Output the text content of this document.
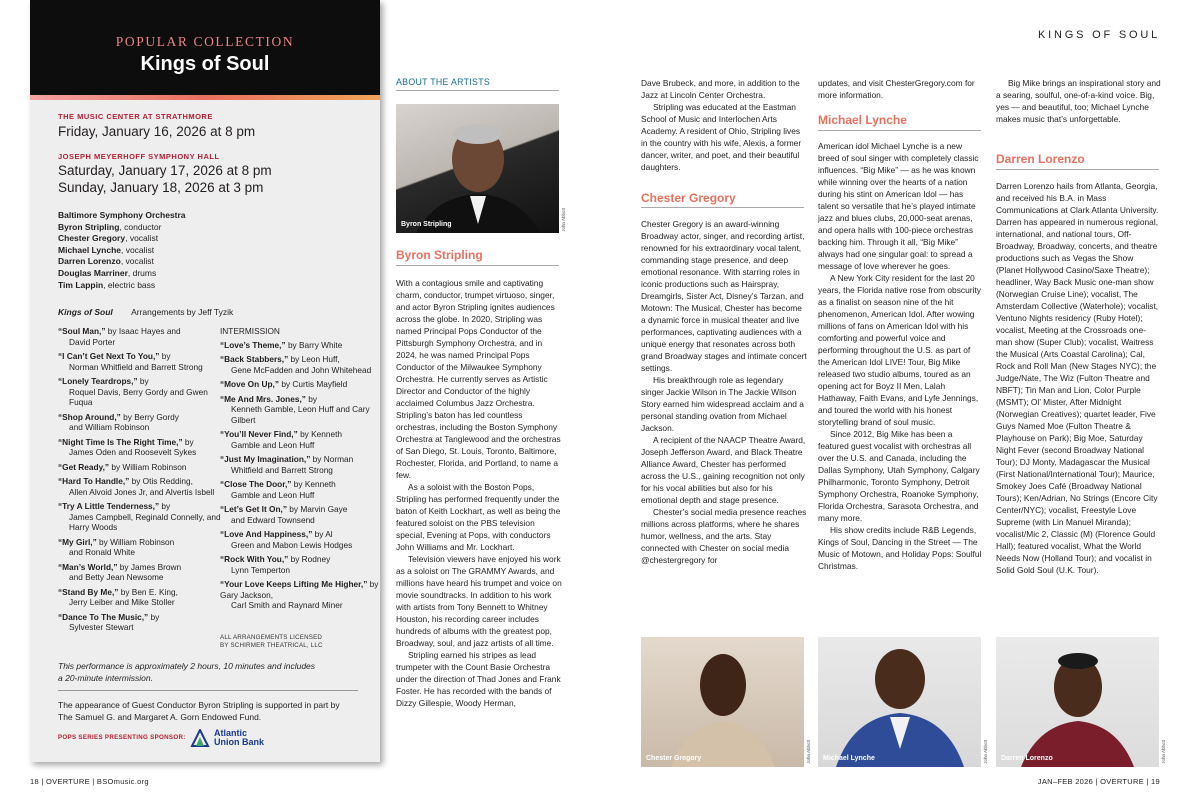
POPULAR COLLECTION
Kings of Soul
THE MUSIC CENTER AT STRATHMORE
Friday, January 16, 2026 at 8 pm
JOSEPH MEYERHOFF SYMPHONY HALL
Saturday, January 17, 2026 at 8 pm
Sunday, January 18, 2026 at 3 pm
Baltimore Symphony Orchestra
Byron Stripling, conductor
Chester Gregory, vocalist
Michael Lynche, vocalist
Darren Lorenzo, vocalist
Douglas Marriner, drums
Tim Lappin, electric bass
Kings of Soul Arrangements by Jeff Tyzik
“Soul Man,” by Isaac Hayes and
David Porter
“I Can’t Get Next To You,” by
Norman Whitfield and Barrett Strong
“Lonely Teardrops,” by
Roquel Davis, Berry Gordy and Gwen Fuqua
“Shop Around,” by Berry Gordy
and William Robinson
“Night Time Is The Right Time,” by
James Oden and Roosevelt Sykes
“Get Ready,” by William Robinson
“Hard To Handle,” by Otis Redding,
Allen Alvoid Jones Jr, and Alvertis Isbell
“Try A Little Tenderness,” by
James Campbell, Reginald Connelly, and Harry Woods
“My Girl,” by William Robinson
and Ronald White
“Man’s World,” by James Brown
and Betty Jean Newsome
“Stand By Me,” by Ben E. King,
Jerry Leiber and Mike Stoller
“Dance To The Music,” by
Sylvester Stewart
INTERMISSION
“Love’s Theme,” by Barry White
“Back Stabbers,” by Leon Huff,
Gene McFadden and John Whitehead
“Move On Up,” by Curtis Mayfield
“Me And Mrs. Jones,” by
Kenneth Gamble, Leon Huff and Cary Gilbert
“You’ll Never Find,” by Kenneth
Gamble and Leon Huff
“Just My Imagination,” by Norman
Whitfield and Barrett Strong
“Close The Door,” by Kenneth
Gamble and Leon Huff
“Let’s Get It On,” by Marvin Gaye
and Edward Townsend
“Love And Happiness,” by Al
Green and Mabon Lewis Hodges
“Rock With You,” by Rodney
Lynn Temperton
“Your Love Keeps Lifting Me Higher,” by Gary Jackson,
Carl Smith and Raynard Miner
ALL ARRANGEMENTS LICENSED
BY SCHIRMER THEATRICAL, LLC
This performance is approximately 2 hours, 10 minutes and includes
a 20-minute intermission.
The appearance of Guest Conductor Byron Stripling is supported in part by
The Samuel G. and Margaret A. Gorn Endowed Fund.
POPS SERIES PRESENTING SPONSOR:	Atlantic
Union Bank
KINGS OF SOUL
ABOUT THE ARTISTS
Byron Stripling	John Abbott
Byron Stripling

With a contagious smile and captivating charm, conductor, trumpet virtuoso, singer, and actor Byron Stripling ignites audiences across the globe. In 2020, Stripling was named Principal Pops Conductor of the Pittsburgh Symphony Orchestra, and in 2024, he was named Principal Pops Conductor of the Milwaukee Symphony Orchestra. He currently serves as Artistic Director and Conductor of the highly acclaimed Columbus Jazz Orchestra. Stripling’s baton has led countless orchestras, including the Boston Symphony Orchestra at Tanglewood and the orchestras of San Diego, St. Louis, Toronto, Baltimore, Rochester, Florida, and Portland, to name a few.

As a soloist with the Boston Pops, Stripling has performed frequently under the baton of Keith Lockhart, as well as being the featured soloist on the PBS television special, Evening at Pops, with conductors John Williams and Mr. Lockhart.

Television viewers have enjoyed his work as a soloist on The GRAMMY Awards, and millions have heard his trumpet and voice on movie soundtracks. In addition to his work with artists from Tony Bennett to Whitney Houston, his recording career includes hundreds of albums with the greatest pop, Broadway, soul, and jazz artists of all time.

Stripling earned his stripes as lead trumpeter with the Count Basie Orchestra under the direction of Thad Jones and Frank Foster. He has recorded with the bands of Dizzy Gillespie, Woody Herman,

Dave Brubeck, and more, in addition to the Jazz at Lincoln Center Orchestra.

Stripling was educated at the Eastman School of Music and Interlochen Arts Academy. A resident of Ohio, Stripling lives in the country with his wife, Alexis, a former dancer, writer, and poet, and their beautiful daughters.

Chester Gregory

Chester Gregory is an award-winning Broadway actor, singer, and recording artist, renowned for his extraordinary vocal talent, commanding stage presence, and deep emotional resonance. With starring roles in iconic productions such as Hairspray, Dreamgirls, Sister Act, Disney’s Tarzan, and Motown: The Musical, Chester has become a dynamic force in musical theater and live performances, captivating audiences with a unique energy that resonates across both grand Broadway stages and intimate concert settings.

His breakthrough role as legendary singer Jackie Wilson in The Jackie Wilson Story earned him widespread acclaim and a personal standing ovation from Michael Jackson.

A recipient of the NAACP Theatre Award, Joseph Jefferson Award, and Black Theatre Alliance Award, Chester has performed across the U.S., gaining recognition not only for his vocal abilities but also for his emotional depth and stage presence.

Chester’s social media presence reaches millions across platforms, where he shares humor, wellness, and the arts. Stay connected with Chester on social media @chestergregory for

Chester Gregory	John Abbott
updates, and visit ChesterGregory.com for more information.
Michael Lynche

American idol Michael Lynche is a new breed of soul singer with completely classic influences. “Big Mike” — as he was known while winning over the hearts of a nation during his stint on American Idol — has talent so versatile that he’s played intimate jazz and blues clubs, 20,000-seat arenas, and opera halls with 100-piece orchestras backing him. Through it all, “Big Mike” always had one singular goal: to spread a message of love wherever he goes.

A New York City resident for the last 20 years, the Florida native rose from obscurity as a finalist on season nine of the hit phenomenon, American Idol. After wowing millions of fans on American Idol with his comforting and powerful voice and performing throughout the U.S. as part of the American Idol LIVE! Tour, Big Mike released two studio albums, toured as an opening act for Boyz II Men, Lalah Hathaway, Faith Evans, and Lyfe Jennings, and toured the world with his honest storytelling brand of soul music.

Since 2012, Big Mike has been a featured guest vocalist with orchestras all over the U.S. and Canada, including the Dallas Symphony, Utah Symphony, Calgary Philharmonic, Toronto Symphony, Detroit Symphony Orchestra, Roanoke Symphony, Florida Orchestra, Sarasota Orchestra, and many more.

His show credits include R&B Legends, Kings of Soul, Dancing in the Street — The Music of Motown, and Holiday Pops: Soulful Christmas.

Michael Lynche	John Abbott

Big Mike brings an inspirational story and a searing, soulful, one-of-a-kind voice. Big, yes — and beautiful, too; Michael Lynche makes music that’s unforgettable.

Darren Lorenzo

Darren Lorenzo hails from Atlanta, Georgia, and received his B.A. in Mass Communications at Clark Atlanta University. Darren has appeared in numerous regional, international, and national tours, Off-Broadway, Broadway, concerts, and theatre productions such as Vegas the Show (Planet Hollywood Casino/Saxe Theatre); headliner, Way Back Music one-man show (Norwegian Cruise Line); vocalist, The Amsterdam Collective (Waterhole); vocalist, Ventuno Nights residency (Ruby Hotel); vocalist, Meeting at the Crossroads one-man show (Super Club); vocalist, Waitress the Musical (Arts Coastal Carolina); Cal, Rock and Roll Man (New Stages NYC); the Judge/Nate, The Wiz (Fulton Theatre and NBFT); Tin Man and Lion, Color Purple (MSMT); Ol’ Mister, After Midnight (Norwegian Creatives); quartet leader, Five Guys Named Moe (Fulton Theatre & Playhouse on Park); Big Moe, Saturday Night Fever (second Broadway National Tour); DJ Monty, Madagascar the Musical (First National/International Tour); Maurice, Smokey Joes Café (Broadway National Tours); Ken/Adrian, No Strings (Encore City Center/NYC); vocalist, Freestyle Love Supreme (with Lin Manuel Miranda); vocalist/Mic 2, Classic (M) (Florence Gould Hall); featured vocalist, What the World Needs Now (Holland Tour); and vocalist in Solid Gold Soul (U.K. Tour).

Darren Lorenzo	John Abbott
18 | OVERTURE | BSOmusic.org	JAN–FEB 2026 | OVERTURE | 19
